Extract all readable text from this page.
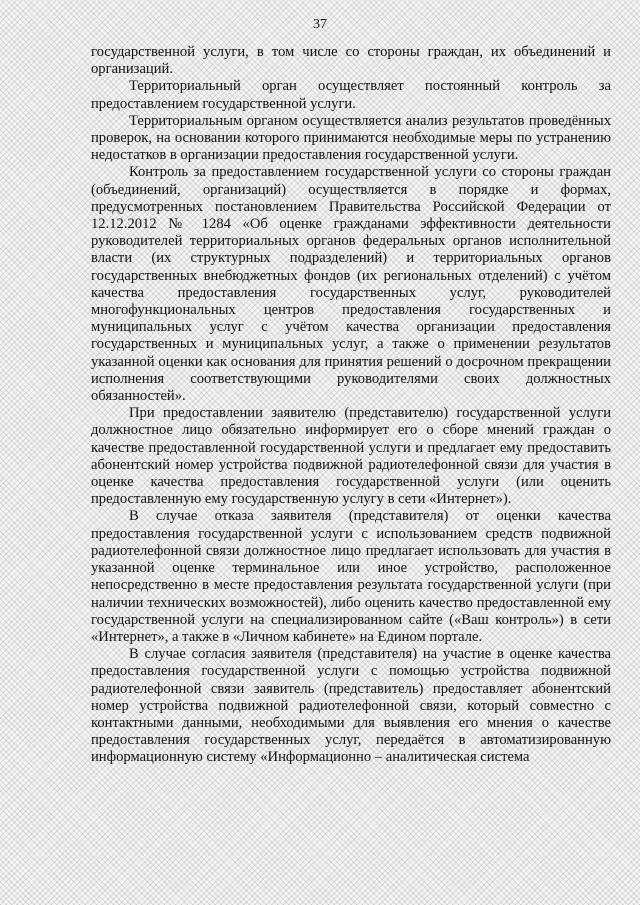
37

государственной услуги, в том числе со стороны граждан, их объединений и организаций.

Территориальный орган осуществляет постоянный контроль за предоставлением государственной услуги.

Территориальным органом осуществляется анализ результатов проведённых проверок, на основании которого принимаются необходимые меры по устранению недостатков в организации предоставления государственной услуги.

Контроль за предоставлением государственной услуги со стороны граждан (объединений, организаций) осуществляется в порядке и формах, предусмотренных постановлением Правительства Российской Федерации от 12.12.2012 № 1284 «Об оценке гражданами эффективности деятельности руководителей территориальных органов федеральных органов исполнительной власти (их структурных подразделений) и территориальных органов государственных внебюджетных фондов (их региональных отделений) с учётом качества предоставления государственных услуг, руководителей многофункциональных центров предоставления государственных и муниципальных услуг с учётом качества организации предоставления государственных и муниципальных услуг, а также о применении результатов указанной оценки как основания для принятия решений о досрочном прекращении исполнения соответствующими руководителями своих должностных обязанностей».

При предоставлении заявителю (представителю) государственной услуги должностное лицо обязательно информирует его о сборе мнений граждан о качестве предоставленной государственной услуги и предлагает ему предоставить абонентский номер устройства подвижной радиотелефонной связи для участия в оценке качества предоставления государственной услуги (или оценить предоставленную ему государственную услугу в сети «Интернет»).

В случае отказа заявителя (представителя) от оценки качества предоставления государственной услуги с использованием средств подвижной радиотелефонной связи должностное лицо предлагает использовать для участия в указанной оценке терминальное или иное устройство, расположенное непосредственно в месте предоставления результата государственной услуги (при наличии технических возможностей), либо оценить качество предоставленной ему государственной услуги на специализированном сайте («Ваш контроль») в сети «Интернет», а также в «Личном кабинете» на Едином портале.

В случае согласия заявителя (представителя) на участие в оценке качества предоставления государственной услуги с помощью устройства подвижной радиотелефонной связи заявитель (представитель) предоставляет абонентский номер устройства подвижной радиотелефонной связи, который совместно с контактными данными, необходимыми для выявления его мнения о качестве предоставления государственных услуг, передаётся в автоматизированную информационную систему «Информационно – аналитическая система
